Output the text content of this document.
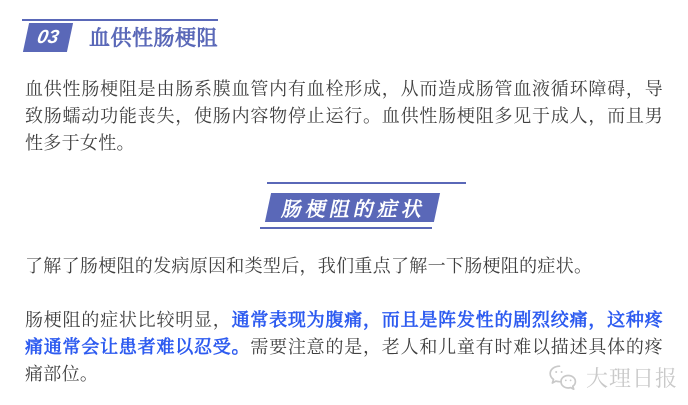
03 血供性肠梗阻

血供性肠梗阻是由肠系膜血管内有血栓形成，从而造成肠管血液循环障碍，导致肠蠕动功能丧失，使肠内容物停止运行。血供性肠梗阻多见于成人，而且男性多于女性。

肠梗阻的症状

了解了肠梗阻的发病原因和类型后，我们重点了解一下肠梗阻的症状。

肠梗阻的症状比较明显，通常表现为腹痛，而且是阵发性的剧烈绞痛，这种疼痛通常会让患者难以忍受。需要注意的是，老人和儿童有时难以描述具体的疼痛部位。	大理日报
